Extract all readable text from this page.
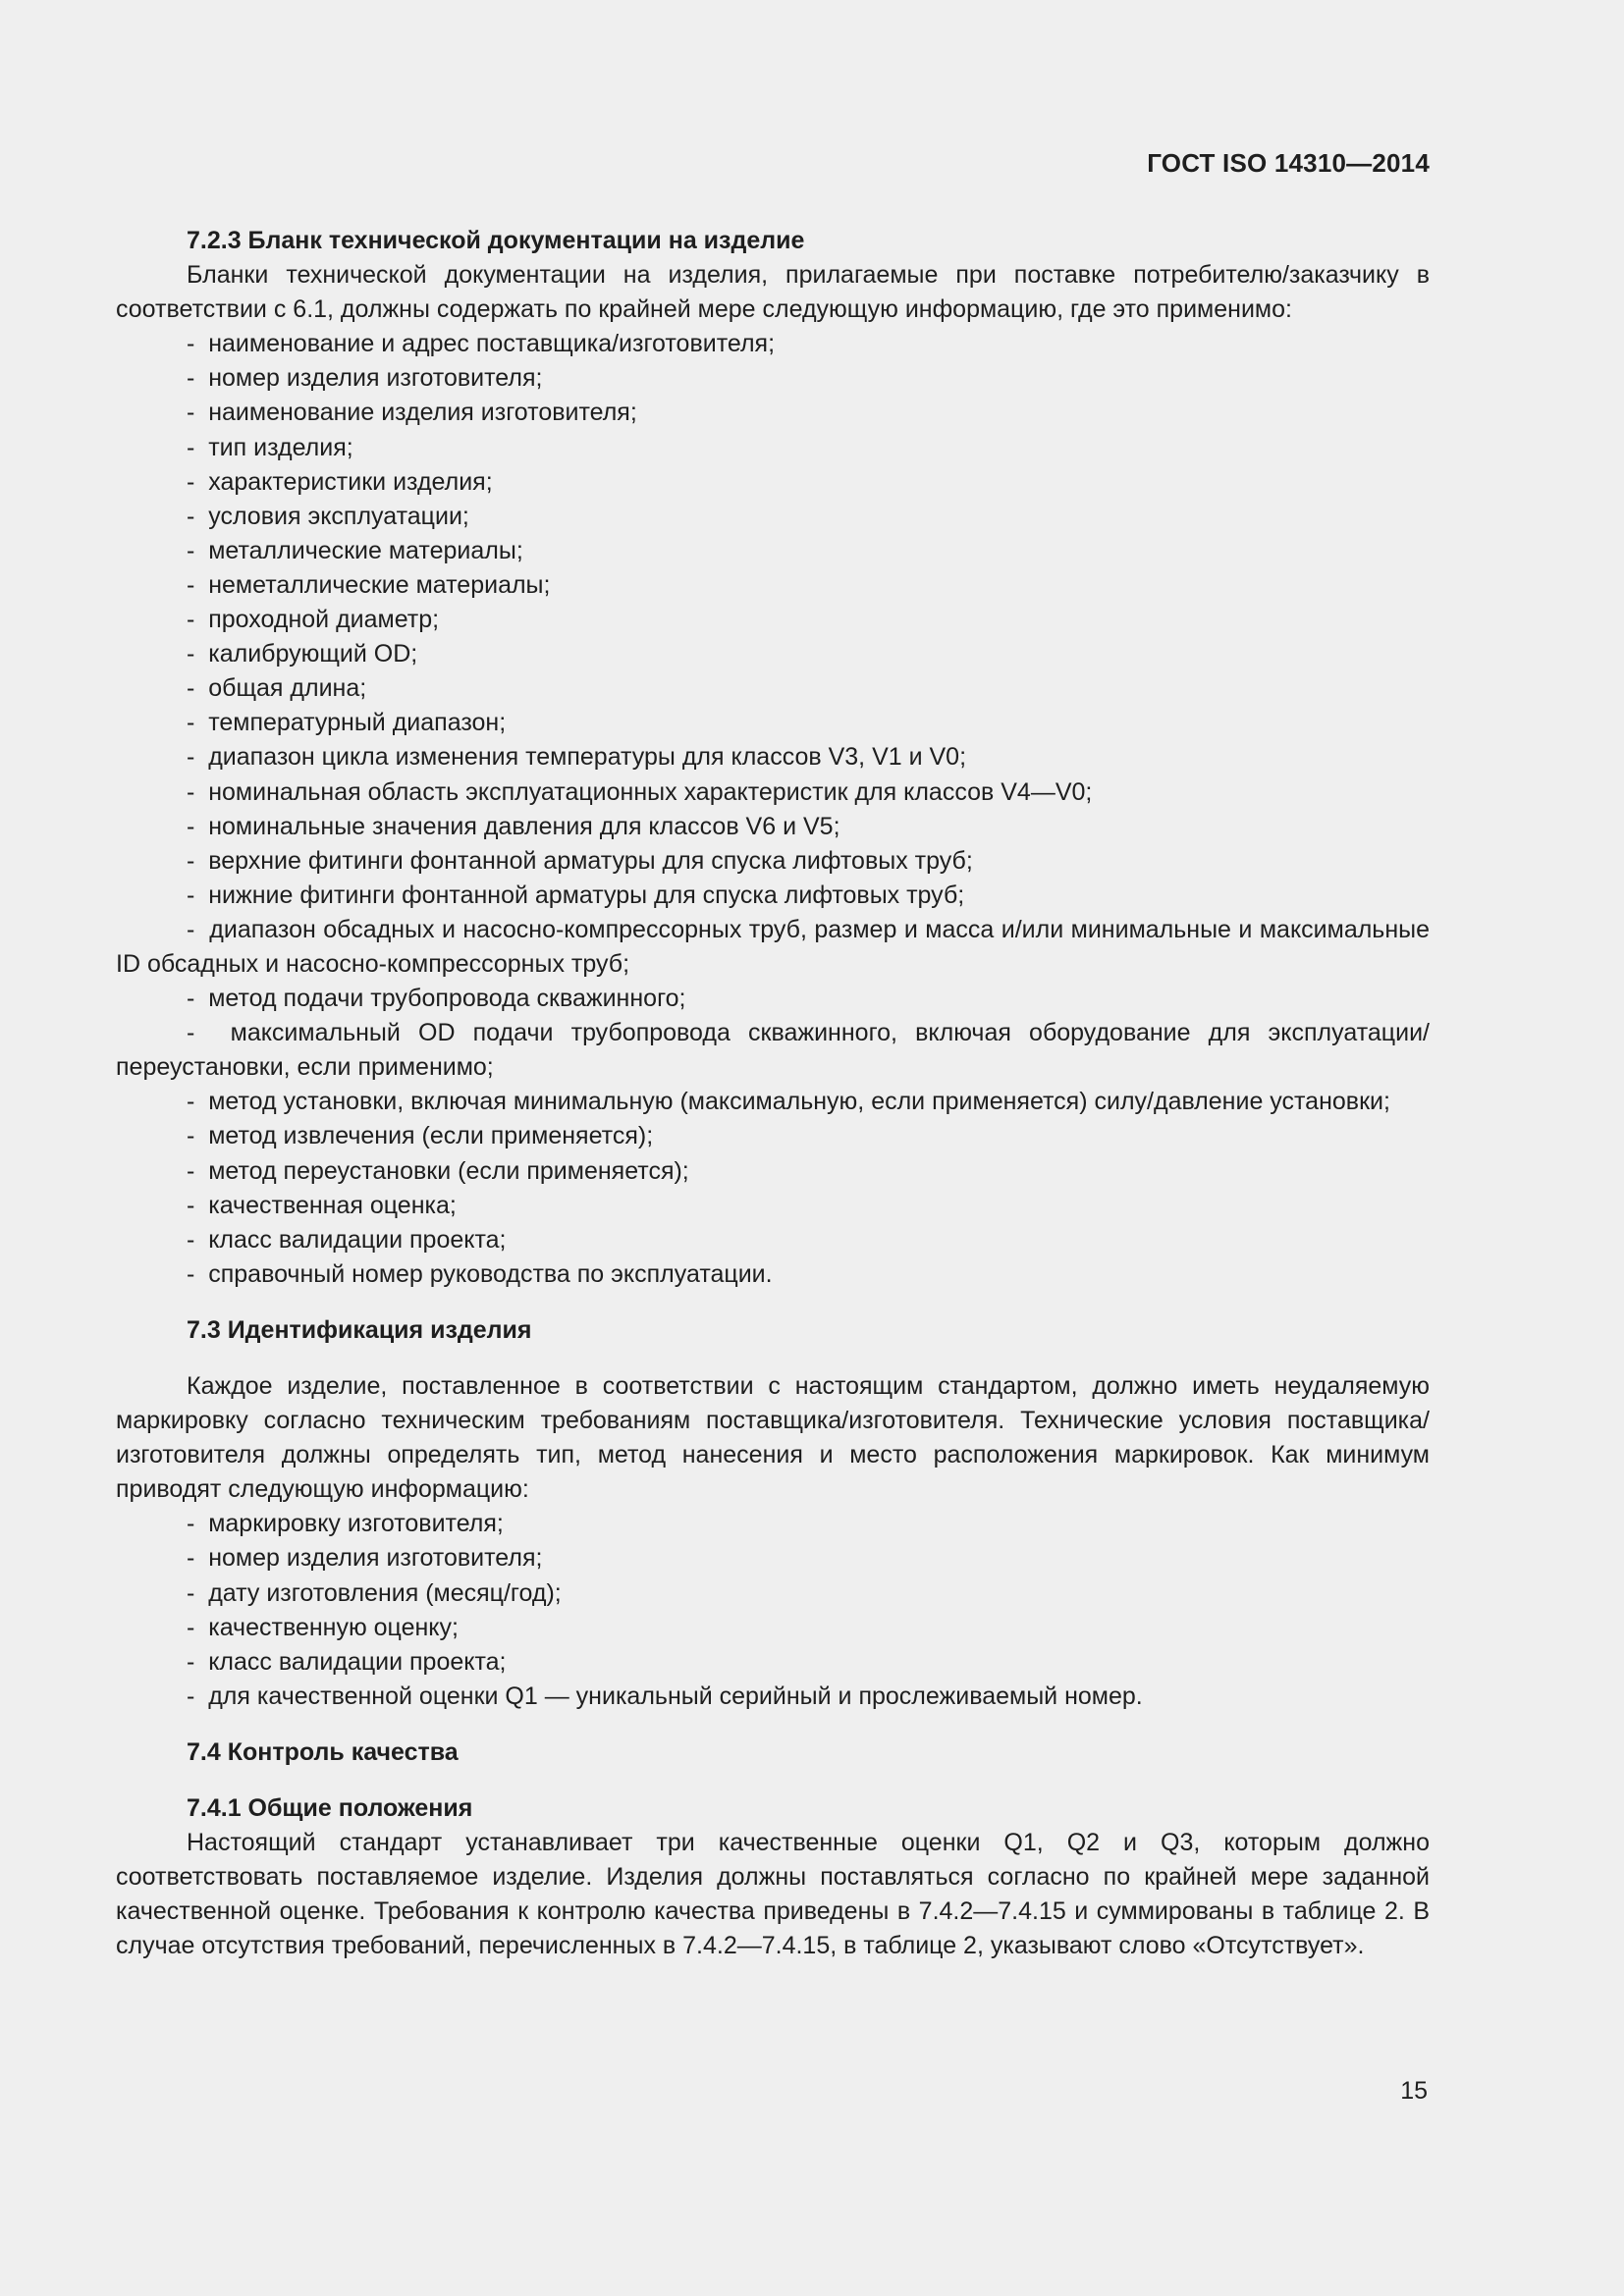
ГОСТ ISO 14310—2014

7.2.3 Бланк технической документации на изделие

Бланки технической документации на изделия, прилагаемые при поставке потребителю/заказчику в соответствии с 6.1, должны содержать по крайней мере следующую информацию, где это применимо:

-  наименование и адрес поставщика/изготовителя;
-  номер изделия изготовителя;
-  наименование изделия изготовителя;
-  тип изделия;
-  характеристики изделия;
-  условия эксплуатации;
-  металлические материалы;
-  неметаллические материалы;
-  проходной диаметр;
-  калибрующий OD;
-  общая длина;
-  температурный диапазон;
-  диапазон цикла изменения температуры для классов V3, V1 и V0;
-  номинальная область эксплуатационных характеристик для классов V4—V0;
-  номинальные значения давления для классов V6 и V5;
-  верхние фитинги фонтанной арматуры для спуска лифтовых труб;
-  нижние фитинги фонтанной арматуры для спуска лифтовых труб;
-  диапазон обсадных и насосно-компрессорных труб, размер и масса и/или минимальные и максимальные ID обсадных и насосно-компрессорных труб;
-  метод подачи трубопровода скважинного;
-  максимальный OD подачи трубопровода скважинного, включая оборудование для эксплуатации/переустановки, если применимо;
-  метод установки, включая минимальную (максимальную, если применяется) силу/давление установки;
-  метод извлечения (если применяется);
-  метод переустановки (если применяется);
-  качественная оценка;
-  класс валидации проекта;
-  справочный номер руководства по эксплуатации.

7.3 Идентификация изделия

Каждое изделие, поставленное в соответствии с настоящим стандартом, должно иметь неудаляемую маркировку согласно техническим требованиям поставщика/изготовителя. Технические условия поставщика/изготовителя должны определять тип, метод нанесения и место расположения маркировок. Как минимум приводят следующую информацию:

-  маркировку изготовителя;
-  номер изделия изготовителя;
-  дату изготовления (месяц/год);
-  качественную оценку;
-  класс валидации проекта;
-  для качественной оценки Q1 — уникальный серийный и прослеживаемый номер.

7.4 Контроль качества

7.4.1 Общие положения

Настоящий стандарт устанавливает три качественные оценки Q1, Q2 и Q3, которым должно соответствовать поставляемое изделие. Изделия должны поставляться согласно по крайней мере заданной качественной оценке. Требования к контролю качества приведены в 7.4.2—7.4.15 и суммированы в таблице 2. В случае отсутствия требований, перечисленных в 7.4.2—7.4.15, в таблице 2, указывают слово «Отсутствует».

15
